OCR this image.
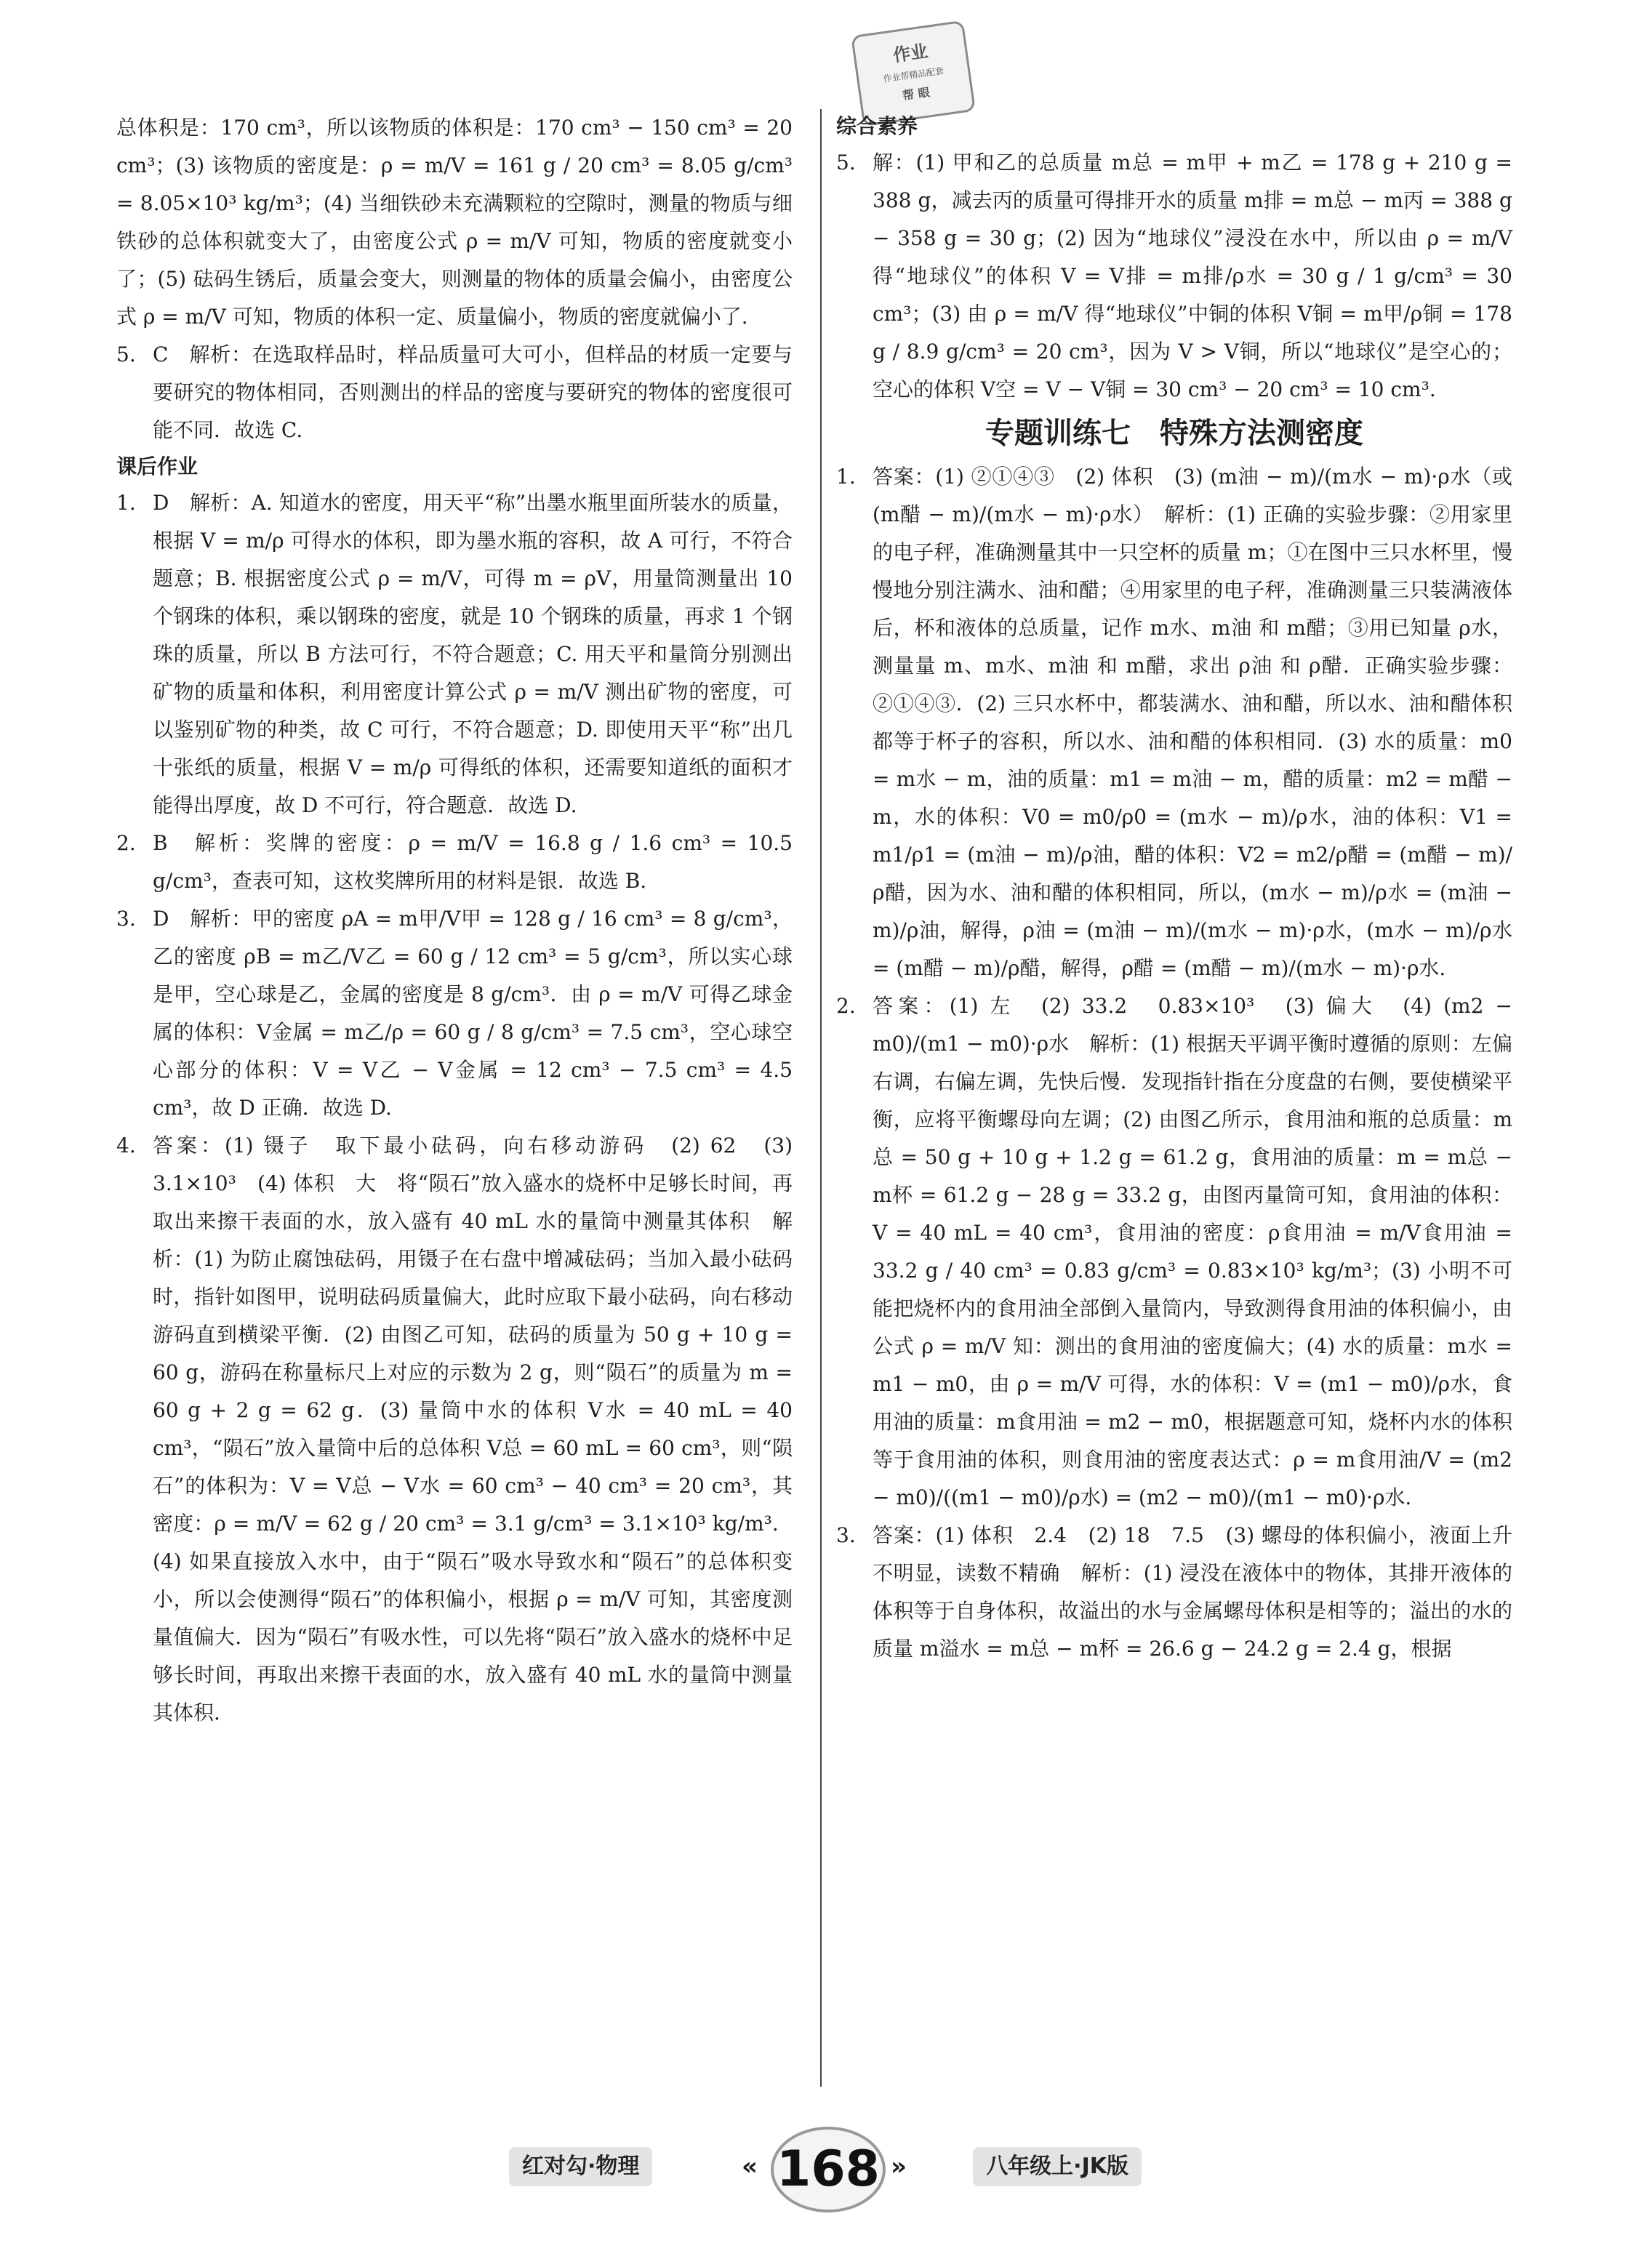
作业
作业帮精品配套
帮 眼

总体积是：170 cm³，所以该物质的体积是：170 cm³ − 150 cm³ = 20 cm³；(3) 该物质的密度是：ρ = m/V = 161 g / 20 cm³ = 8.05 g/cm³ = 8.05×10³ kg/m³；(4) 当细铁砂未充满颗粒的空隙时，测量的物质与细铁砂的总体积就变大了，由密度公式 ρ = m/V 可知，物质的密度就变小了；(5) 砝码生锈后，质量会变大，则测量的物体的质量会偏小，由密度公式 ρ = m/V 可知，物质的体积一定、质量偏小，物质的密度就偏小了.

5. C　解析：在选取样品时，样品质量可大可小，但样品的材质一定要与要研究的物体相同，否则测出的样品的密度与要研究的物体的密度很可能不同．故选 C.
课后作业
1. D　解析：A. 知道水的密度，用天平“称”出墨水瓶里面所装水的质量，根据 V = m/ρ 可得水的体积，即为墨水瓶的容积，故 A 可行，不符合题意；B. 根据密度公式 ρ = m/V，可得 m = ρV，用量筒测量出 10 个钢珠的体积，乘以钢珠的密度，就是 10 个钢珠的质量，再求 1 个钢珠的质量，所以 B 方法可行，不符合题意；C. 用天平和量筒分别测出矿物的质量和体积，利用密度计算公式 ρ = m/V 测出矿物的密度，可以鉴别矿物的种类，故 C 可行，不符合题意；D. 即使用天平“称”出几十张纸的质量，根据 V = m/ρ 可得纸的体积，还需要知道纸的面积才能得出厚度，故 D 不可行，符合题意．故选 D.
2. B　解析：奖牌的密度：ρ = m/V = 16.8 g / 1.6 cm³ = 10.5 g/cm³，查表可知，这枚奖牌所用的材料是银．故选 B.
3. D　解析：甲的密度 ρA = m甲/V甲 = 128 g / 16 cm³ = 8 g/cm³，乙的密度 ρB = m乙/V乙 = 60 g / 12 cm³ = 5 g/cm³，所以实心球是甲，空心球是乙，金属的密度是 8 g/cm³．由 ρ = m/V 可得乙球金属的体积：V金属 = m乙/ρ = 60 g / 8 g/cm³ = 7.5 cm³，空心球空心部分的体积：V = V乙 − V金属 = 12 cm³ − 7.5 cm³ = 4.5 cm³，故 D 正确．故选 D.
4. 答案：(1) 镊子　取下最小砝码，向右移动游码　(2) 62　(3) 3.1×10³　(4) 体积　大　将“陨石”放入盛水的烧杯中足够长时间，再取出来擦干表面的水，放入盛有 40 mL 水的量筒中测量其体积　解析：(1) 为防止腐蚀砝码，用镊子在右盘中增减砝码；当加入最小砝码时，指针如图甲，说明砝码质量偏大，此时应取下最小砝码，向右移动游码直到横梁平衡．(2) 由图乙可知，砝码的质量为 50 g + 10 g = 60 g，游码在称量标尺上对应的示数为 2 g，则“陨石”的质量为 m = 60 g + 2 g = 62 g．(3) 量筒中水的体积 V水 = 40 mL = 40 cm³，“陨石”放入量筒中后的总体积 V总 = 60 mL = 60 cm³，则“陨石”的体积为：V = V总 − V水 = 60 cm³ − 40 cm³ = 20 cm³，其密度：ρ = m/V = 62 g / 20 cm³ = 3.1 g/cm³ = 3.1×10³ kg/m³．(4) 如果直接放入水中，由于“陨石”吸水导致水和“陨石”的总体积变小，所以会使测得“陨石”的体积偏小，根据 ρ = m/V 可知，其密度测量值偏大．因为“陨石”有吸水性，可以先将“陨石”放入盛水的烧杯中足够长时间，再取出来擦干表面的水，放入盛有 40 mL 水的量筒中测量其体积.
综合素养
5. 解：(1) 甲和乙的总质量 m总 = m甲 + m乙 = 178 g + 210 g = 388 g，减去丙的质量可得排开水的质量 m排 = m总 − m丙 = 388 g − 358 g = 30 g；(2) 因为“地球仪”浸没在水中，所以由 ρ = m/V 得“地球仪”的体积 V = V排 = m排/ρ水 = 30 g / 1 g/cm³ = 30 cm³；(3) 由 ρ = m/V 得“地球仪”中铜的体积 V铜 = m甲/ρ铜 = 178 g / 8.9 g/cm³ = 20 cm³，因为 V > V铜，所以“地球仪”是空心的；空心的体积 V空 = V − V铜 = 30 cm³ − 20 cm³ = 10 cm³.
专题训练七　特殊方法测密度
1. 答案：(1) ②①④③　(2) 体积　(3) (m油 − m)/(m水 − m)·ρ水（或 (m醋 − m)/(m水 − m)·ρ水）　解析：(1) 正确的实验步骤：②用家里的电子秤，准确测量其中一只空杯的质量 m；①在图中三只水杯里，慢慢地分别注满水、油和醋；④用家里的电子秤，准确测量三只装满液体后，杯和液体的总质量，记作 m水、m油 和 m醋；③用已知量 ρ水，测量量 m、m水、m油 和 m醋，求出 ρ油 和 ρ醋．正确实验步骤：②①④③．(2) 三只水杯中，都装满水、油和醋，所以水、油和醋体积都等于杯子的容积，所以水、油和醋的体积相同．(3) 水的质量：m0 = m水 − m，油的质量：m1 = m油 − m，醋的质量：m2 = m醋 − m，水的体积：V0 = m0/ρ0 = (m水 − m)/ρ水，油的体积：V1 = m1/ρ1 = (m油 − m)/ρ油，醋的体积：V2 = m2/ρ醋 = (m醋 − m)/ρ醋，因为水、油和醋的体积相同，所以，(m水 − m)/ρ水 = (m油 − m)/ρ油，解得，ρ油 = (m油 − m)/(m水 − m)·ρ水，(m水 − m)/ρ水 = (m醋 − m)/ρ醋，解得，ρ醋 = (m醋 − m)/(m水 − m)·ρ水.
2. 答案：(1) 左　(2) 33.2　0.83×10³　(3) 偏大　(4) (m2 − m0)/(m1 − m0)·ρ水　解析：(1) 根据天平调平衡时遵循的原则：左偏右调，右偏左调，先快后慢．发现指针指在分度盘的右侧，要使横梁平衡，应将平衡螺母向左调；(2) 由图乙所示，食用油和瓶的总质量：m总 = 50 g + 10 g + 1.2 g = 61.2 g，食用油的质量：m = m总 − m杯 = 61.2 g − 28 g = 33.2 g，由图丙量筒可知，食用油的体积：V = 40 mL = 40 cm³，食用油的密度：ρ食用油 = m/V食用油 = 33.2 g / 40 cm³ = 0.83 g/cm³ = 0.83×10³ kg/m³；(3) 小明不可能把烧杯内的食用油全部倒入量筒内，导致测得食用油的体积偏小，由公式 ρ = m/V 知：测出的食用油的密度偏大；(4) 水的质量：m水 = m1 − m0，由 ρ = m/V 可得，水的体积：V = (m1 − m0)/ρ水，食用油的质量：m食用油 = m2 − m0，根据题意可知，烧杯内水的体积等于食用油的体积，则食用油的密度表达式：ρ = m食用油/V = (m2 − m0)/((m1 − m0)/ρ水) = (m2 − m0)/(m1 − m0)·ρ水.
3. 答案：(1) 体积　2.4　(2) 18　7.5　(3) 螺母的体积偏小，液面上升不明显，读数不精确　解析：(1) 浸没在液体中的物体，其排开液体的体积等于自身体积，故溢出的水与金属螺母体积是相等的；溢出的水的质量 m溢水 = m总 − m杯 = 26.6 g − 24.2 g = 2.4 g，根据
红对勾·物理	« 168 »	八年级上·JK版
